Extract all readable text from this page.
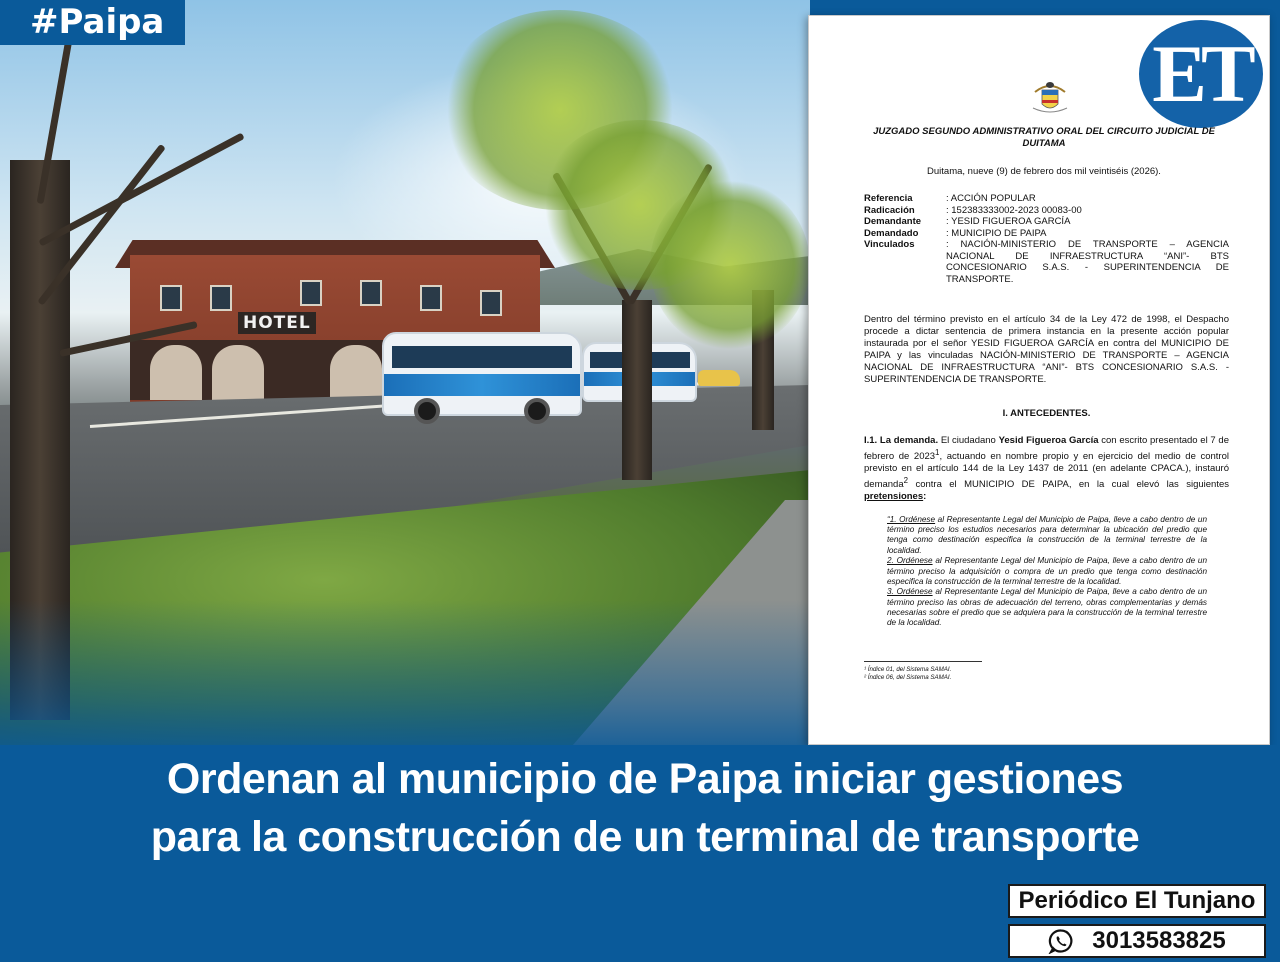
HOTEL
#Paipa
ET
JUZGADO SEGUNDO ADMINISTRATIVO ORAL DEL CIRCUITO JUDICIAL DE DUITAMA
Duitama, nueve (9) de febrero dos mil veintiséis (2026).
Referencia	: ACCIÓN POPULAR
Radicación	: 152383333002-2023 00083-00
Demandante	: YESID FIGUEROA GARCÍA
Demandado	: MUNICIPIO DE PAIPA
Vinculados	: NACIÓN-MINISTERIO DE TRANSPORTE – AGENCIA NACIONAL DE INFRAESTRUCTURA “ANI”- BTS CONCESIONARIO S.A.S. - SUPERINTENDENCIA DE TRANSPORTE.
Dentro del término previsto en el artículo 34 de la Ley 472 de 1998, el Despacho procede a dictar sentencia de primera instancia en la presente acción popular instaurada por el señor YESID FIGUEROA GARCÍA en contra del MUNICIPIO DE PAIPA y las vinculadas NACIÓN-MINISTERIO DE TRANSPORTE – AGENCIA NACIONAL DE INFRAESTRUCTURA “ANI”- BTS CONCESIONARIO S.A.S. - SUPERINTENDENCIA DE TRANSPORTE.
I. ANTECEDENTES.
I.1. La demanda. El ciudadano Yesid Figueroa García con escrito presentado el 7 de febrero de 2023$^1$, actuando en nombre propio y en ejercicio del medio de control previsto en el artículo 144 de la Ley 1437 de 2011 (en adelante CPACA.), instauró demanda$^2$ contra el MUNICIPIO DE PAIPA, en la cual elevó las siguientes pretensiones:

“1. Ordénese al Representante Legal del Municipio de Paipa, lleve a cabo dentro de un término preciso los estudios necesarios para determinar la ubicación del predio que tenga como destinación especifica la construcción de la terminal terrestre de la localidad.

2. Ordénese al Representante Legal del Municipio de Paipa, lleve a cabo dentro de un término preciso la adquisición o compra de un predio que tenga como destinación especifica la construcción de la terminal terrestre de la localidad.

3. Ordénese al Representante Legal del Municipio de Paipa, lleve a cabo dentro de un término preciso las obras de adecuación del terreno, obras complementarias y demás necesarias sobre el predio que se adquiera para la construcción de la terminal terrestre de la localidad.

¹ Índice 01, del Sistema SAMAI.
² Índice 06, del Sistema SAMAI.
Ordenan al municipio de Paipa iniciar gestiones
para la construcción de un terminal de transporte
Periódico El Tunjano
3013583825
